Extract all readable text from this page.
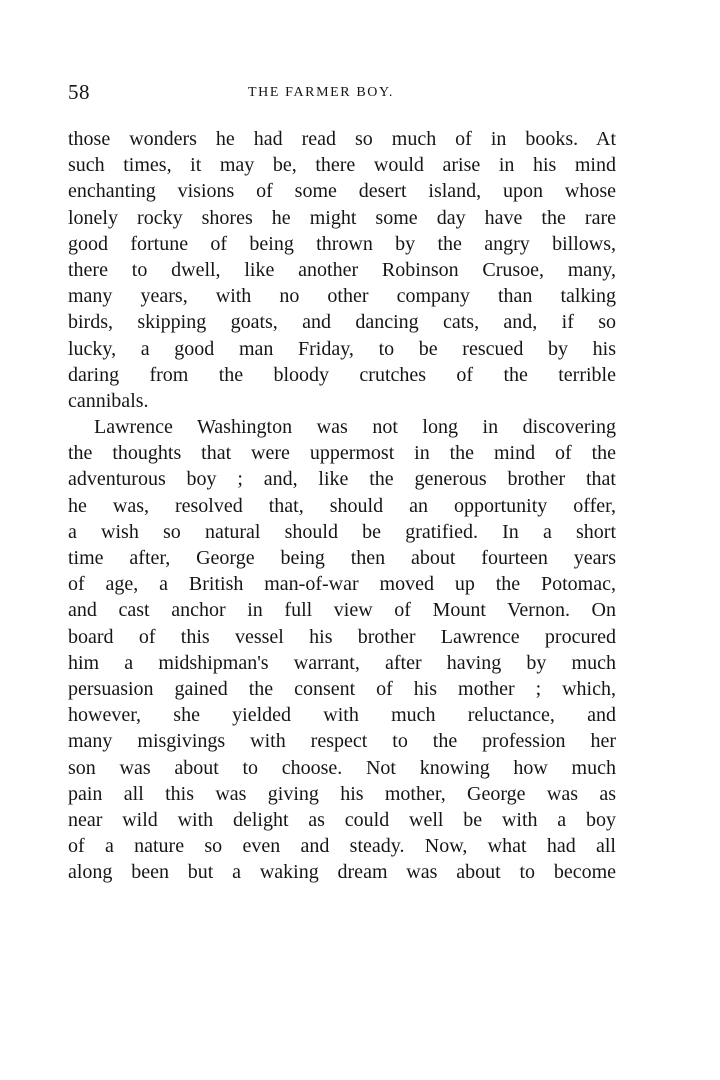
58	THE FARMER BOY.
those wonders he had read so much of in books. At
such times, it may be, there would arise in his mind
enchanting visions of some desert island, upon whose
lonely rocky shores he might some day have the rare
good fortune of being thrown by the angry billows,
there to dwell, like another Robinson Crusoe, many,
many years, with no other company than talking
birds, skipping goats, and dancing cats, and, if so
lucky, a good man Friday, to be rescued by his
daring from the bloody crutches of the terrible
cannibals.
Lawrence Washington was not long in discovering
the thoughts that were uppermost in the mind of the
adventurous boy ; and, like the generous brother that
he was, resolved that, should an opportunity offer,
a wish so natural should be gratified. In a short
time after, George being then about fourteen years
of age, a British man-of-war moved up the Potomac,
and cast anchor in full view of Mount Vernon. On
board of this vessel his brother Lawrence procured
him a midshipman's warrant, after having by much
persuasion gained the consent of his mother ; which,
however, she yielded with much reluctance, and
many misgivings with respect to the profession her
son was about to choose. Not knowing how much
pain all this was giving his mother, George was as
near wild with delight as could well be with a boy
of a nature so even and steady. Now, what had all
along been but a waking dream was about to become
